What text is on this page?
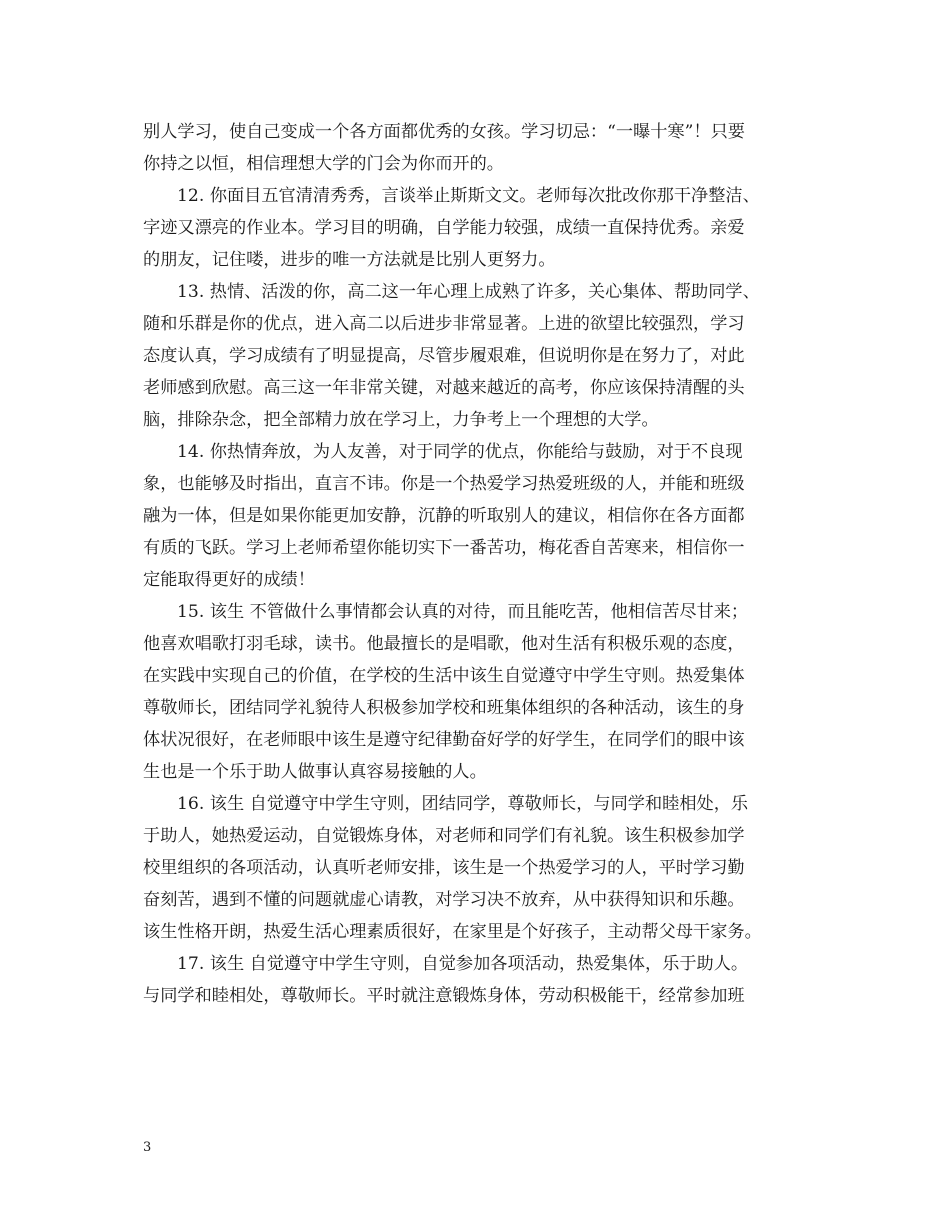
别人学习，使自己变成一个各方面都优秀的女孩。学习切忌：“一曝十寒”！只要
你持之以恒，相信理想大学的门会为你而开的。
12. 你面目五官清清秀秀，言谈举止斯斯文文。老师每次批改你那干净整洁、
字迹又漂亮的作业本。学习目的明确，自学能力较强，成绩一直保持优秀。亲爱
的朋友，记住喽，进步的唯一方法就是比别人更努力。
13. 热情、活泼的你，高二这一年心理上成熟了许多，关心集体、帮助同学、
随和乐群是你的优点，进入高二以后进步非常显著。上进的欲望比较强烈，学习
态度认真，学习成绩有了明显提高，尽管步履艰难，但说明你是在努力了，对此
老师感到欣慰。高三这一年非常关键，对越来越近的高考，你应该保持清醒的头
脑，排除杂念，把全部精力放在学习上，力争考上一个理想的大学。
14. 你热情奔放，为人友善，对于同学的优点，你能给与鼓励，对于不良现
象，也能够及时指出，直言不讳。你是一个热爱学习热爱班级的人，并能和班级
融为一体，但是如果你能更加安静，沉静的听取别人的建议，相信你在各方面都
有质的飞跃。学习上老师希望你能切实下一番苦功，梅花香自苦寒来，相信你一
定能取得更好的成绩！
15. 该生 不管做什么事情都会认真的对待，而且能吃苦，他相信苦尽甘来；
他喜欢唱歌打羽毛球，读书。他最擅长的是唱歌，他对生活有积极乐观的态度，
在实践中实现自己的价值，在学校的生活中该生自觉遵守中学生守则。热爱集体
尊敬师长，团结同学礼貌待人积极参加学校和班集体组织的各种活动，该生的身
体状况很好，在老师眼中该生是遵守纪律勤奋好学的好学生，在同学们的眼中该
生也是一个乐于助人做事认真容易接触的人。
16. 该生 自觉遵守中学生守则，团结同学，尊敬师长，与同学和睦相处，乐
于助人，她热爱运动，自觉锻炼身体，对老师和同学们有礼貌。该生积极参加学
校里组织的各项活动，认真听老师安排，该生是一个热爱学习的人，平时学习勤
奋刻苦，遇到不懂的问题就虚心请教，对学习决不放弃，从中获得知识和乐趣。
该生性格开朗，热爱生活心理素质很好，在家里是个好孩子，主动帮父母干家务。
17. 该生 自觉遵守中学生守则，自觉参加各项活动，热爱集体，乐于助人。
与同学和睦相处，尊敬师长。平时就注意锻炼身体，劳动积极能干，经常参加班
3
